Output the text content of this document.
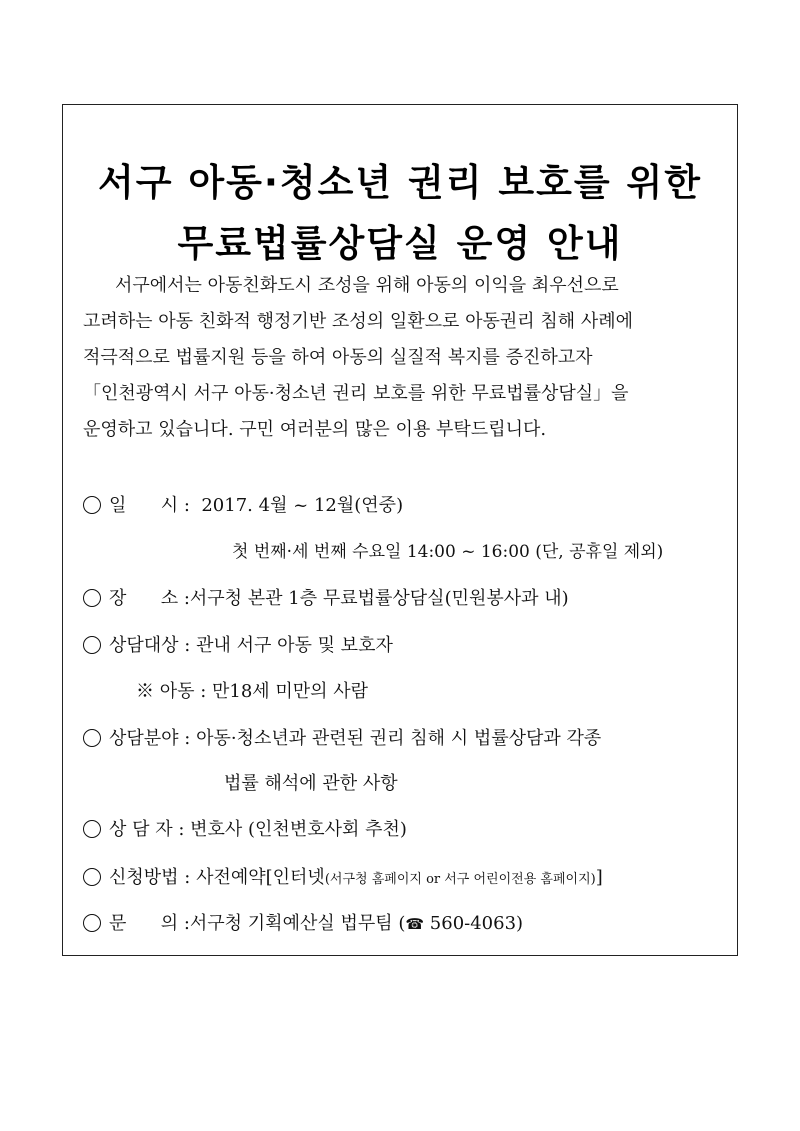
서구 아동·청소년 권리 보호를 위한
무료법률상담실 운영 안내
서구에서는 아동친화도시 조성을 위해 아동의 이익을 최우선으로
고려하는 아동 친화적 행정기반 조성의 일환으로 아동권리 침해 사례에
적극적으로 법률지원 등을 하여 아동의 실질적 복지를 증진하고자
「인천광역시 서구 아동·청소년 권리 보호를 위한 무료법률상담실」을
운영하고 있습니다. 구민 여러분의 많은 이용 부탁드립니다.
일      시 : 2017. 4월 ~ 12월(연중)
첫 번째·세 번째 수요일 14:00 ~ 16:00 (단, 공휴일 제외)
장      소 :서구청 본관 1층 무료법률상담실(민원봉사과 내)
상담대상 : 관내 서구 아동 및 보호자
※ 아동 : 만18세 미만의 사람
상담분야 : 아동·청소년과 관련된 권리 침해 시 법률상담과 각종
법률 해석에 관한 사항
상 담 자 : 변호사 (인천변호사회 추천)
신청방법 : 사전예약[인터넷(서구청 홈페이지 or 서구 어린이전용 홈페이지)]
문      의 :서구청 기획예산실 법무팀 (☎ 560-4063)
